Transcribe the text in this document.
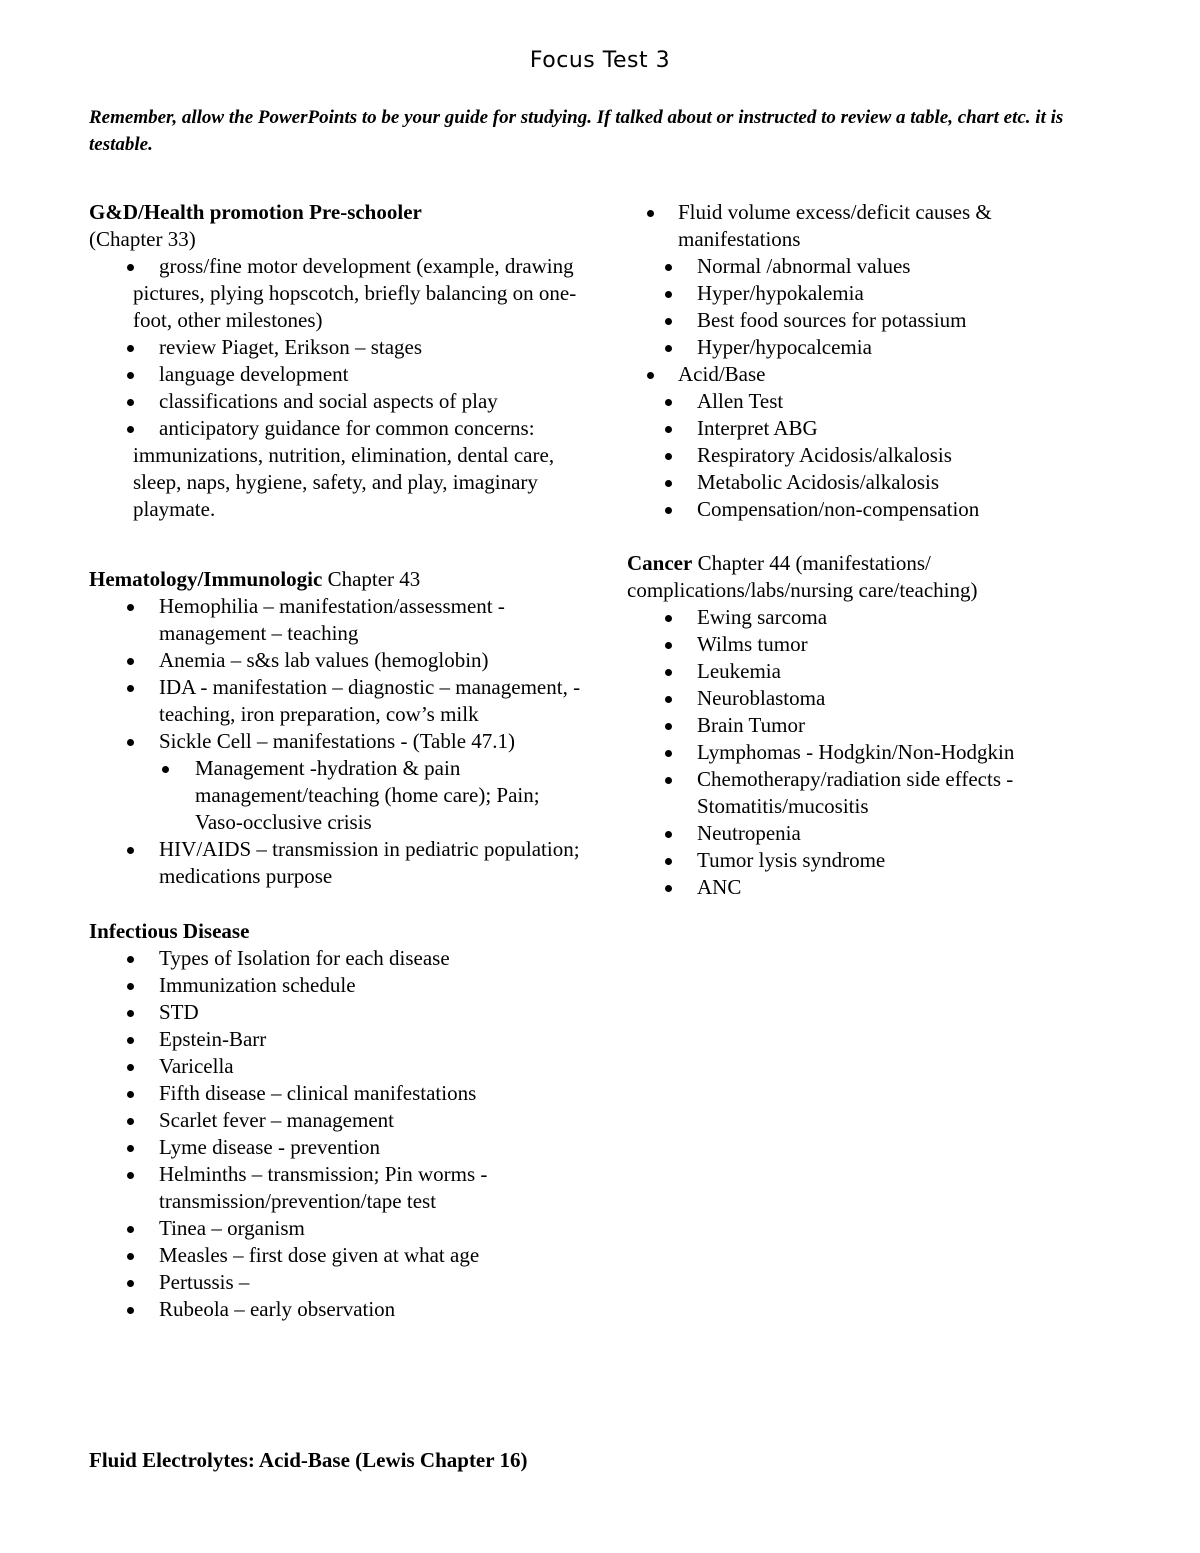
Focus Test 3
Remember, allow the PowerPoints to be your guide for studying. If talked about or instructed to review a table, chart etc. it is testable.
G&D/Health promotion Pre-schooler
(Chapter 33)
gross/fine motor development (example, drawing pictures, plying hopscotch, briefly balancing on one-foot, other milestones)
review Piaget, Erikson – stages
language development
classifications and social aspects of play
anticipatory guidance for common concerns: immunizations, nutrition, elimination, dental care, sleep, naps, hygiene, safety, and play, imaginary playmate.
Hematology/Immunologic Chapter 43
Hemophilia – manifestation/assessment - management – teaching
Anemia – s&s lab values (hemoglobin)
IDA - manifestation – diagnostic – management, - teaching, iron preparation, cow’s milk
Sickle Cell – manifestations - (Table 47.1)
Management -hydration & pain management/teaching (home care); Pain; Vaso-occlusive crisis
HIV/AIDS – transmission in pediatric population; medications purpose
Infectious Disease
Types of Isolation for each disease
Immunization schedule
STD
Epstein-Barr
Varicella
Fifth disease – clinical manifestations
Scarlet fever – management
Lyme disease - prevention
Helminths – transmission; Pin worms - transmission/prevention/tape test
Tinea – organism
Measles – first dose given at what age
Pertussis –
Rubeola – early observation
Fluid Electrolytes: Acid-Base (Lewis Chapter 16)
Fluid volume excess/deficit causes & manifestations
Normal /abnormal values
Hyper/hypokalemia
Best food sources for potassium
Hyper/hypocalcemia
Acid/Base
Allen Test
Interpret ABG
Respiratory Acidosis/alkalosis
Metabolic Acidosis/alkalosis
Compensation/non-compensation
Cancer Chapter 44 (manifestations/ complications/labs/nursing care/teaching)
Ewing sarcoma
Wilms tumor
Leukemia
Neuroblastoma
Brain Tumor
Lymphomas - Hodgkin/Non-Hodgkin
Chemotherapy/radiation side effects - Stomatitis/mucositis
Neutropenia
Tumor lysis syndrome
ANC
